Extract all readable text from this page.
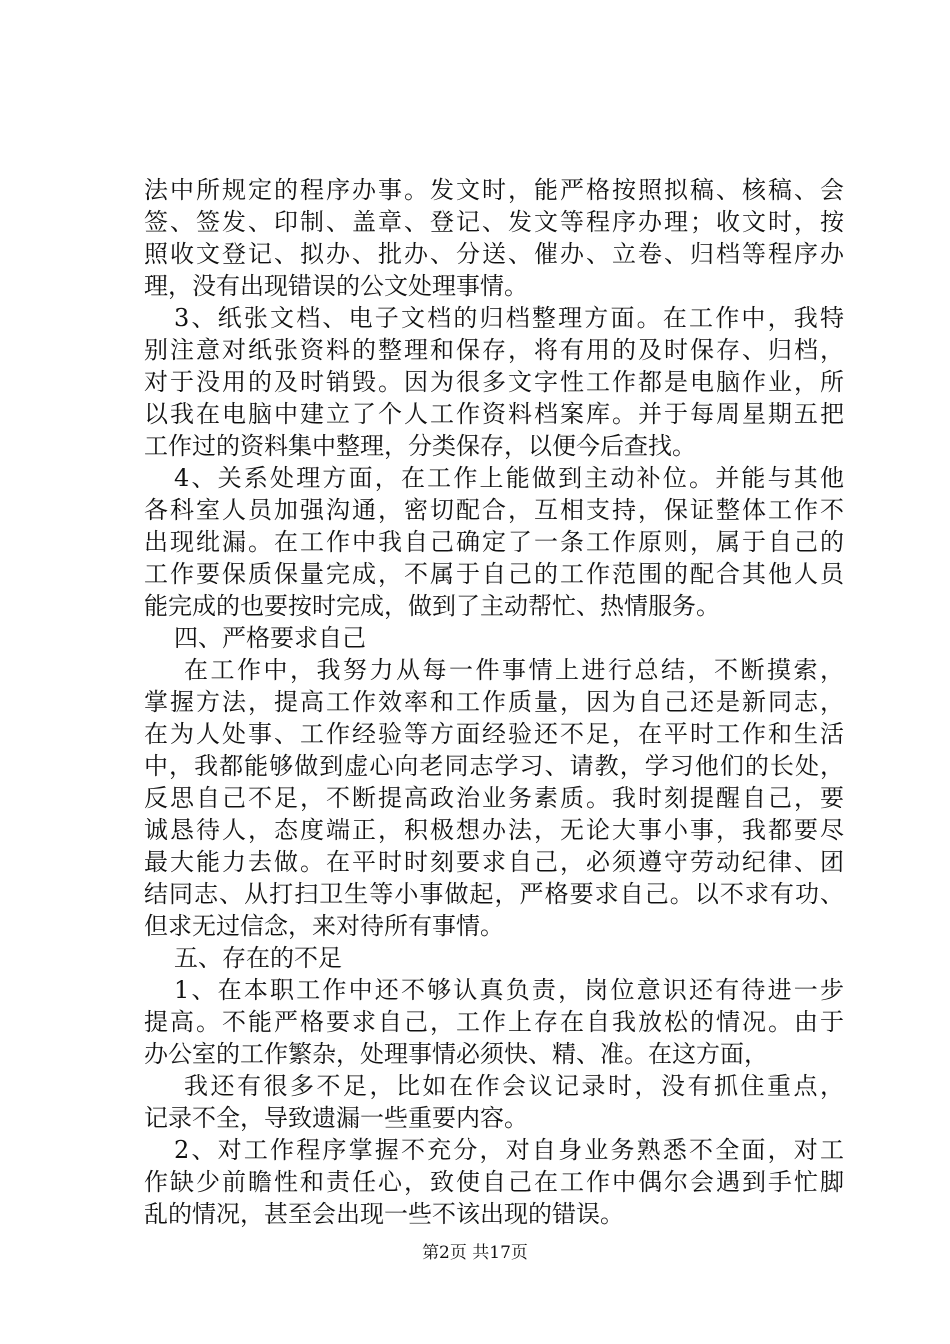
法中所规定的程序办事。发文时，能严格按照拟稿、核稿、会
签、签发、印制、盖章、登记、发文等程序办理；收文时，按
照收文登记、拟办、批办、分送、催办、立卷、归档等程序办
理，没有出现错误的公文处理事情。
3、纸张文档、电子文档的归档整理方面。在工作中，我特
别注意对纸张资料的整理和保存，将有用的及时保存、归档，
对于没用的及时销毁。因为很多文字性工作都是电脑作业，所
以我在电脑中建立了个人工作资料档案库。并于每周星期五把
工作过的资料集中整理，分类保存，以便今后查找。
4、关系处理方面，在工作上能做到主动补位。并能与其他
各科室人员加强沟通，密切配合，互相支持，保证整体工作不
出现纰漏。在工作中我自己确定了一条工作原则，属于自己的
工作要保质保量完成，不属于自己的工作范围的配合其他人员
能完成的也要按时完成，做到了主动帮忙、热情服务。
四、严格要求自己
在工作中，我努力从每一件事情上进行总结，不断摸索，
掌握方法，提高工作效率和工作质量，因为自己还是新同志，
在为人处事、工作经验等方面经验还不足，在平时工作和生活
中，我都能够做到虚心向老同志学习、请教，学习他们的长处，
反思自己不足，不断提高政治业务素质。我时刻提醒自己，要
诚恳待人，态度端正，积极想办法，无论大事小事，我都要尽
最大能力去做。在平时时刻要求自己，必须遵守劳动纪律、团
结同志、从打扫卫生等小事做起，严格要求自己。以不求有功、
但求无过信念，来对待所有事情。
五、存在的不足
1、在本职工作中还不够认真负责，岗位意识还有待进一步
提高。不能严格要求自己，工作上存在自我放松的情况。由于
办公室的工作繁杂，处理事情必须快、精、准。在这方面，
我还有很多不足，比如在作会议记录时，没有抓住重点，
记录不全，导致遗漏一些重要内容。
2、对工作程序掌握不充分，对自身业务熟悉不全面，对工
作缺少前瞻性和责任心，致使自己在工作中偶尔会遇到手忙脚
乱的情况，甚至会出现一些不该出现的错误。
第2页 共17页
